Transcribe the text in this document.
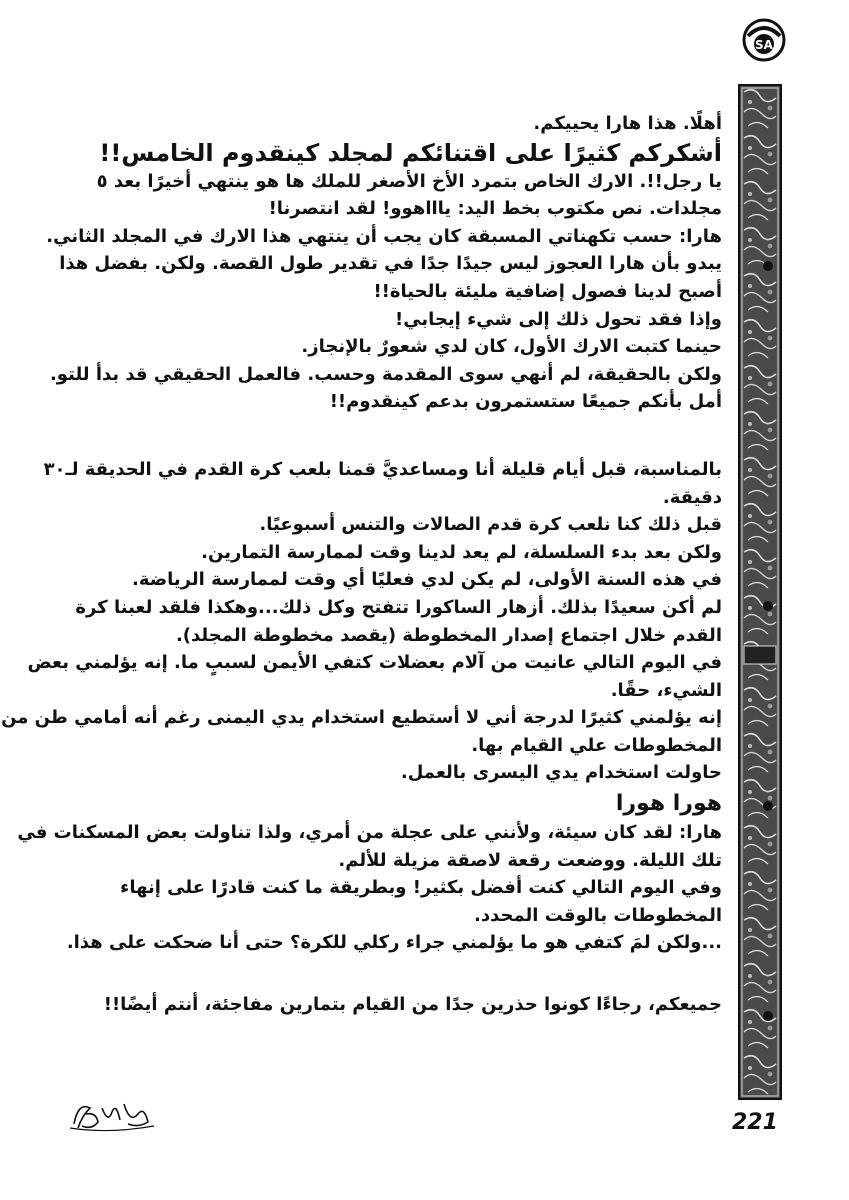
SA
أهلًا. هذا هارا يحييكم.
أشكركم كثيرًا على اقتنائكم لمجلد كينقدوم الخامس!!
يا رجل!!. الارك الخاص بتمرد الأخ الأصغر للملك ها هو ينتهي أخيرًا بعد ٥
مجلدات. نص مكتوب بخط اليد: ياااهوو! لقد انتصرنا!
هارا: حسب تكهناتي المسبقة كان يجب أن ينتهي هذا الارك في المجلد الثاني.
يبدو بأن هارا العجوز ليس جيدًا جدًا في تقدير طول القصة. ولكن. بفضل هذا
أصبح لدينا فصول إضافية مليئة بالحياة!!
وإذا فقد تحول ذلك إلى شيء إيجابي!
حينما كتبت الارك الأول، كان لدي شعورٌ بالإنجاز.
ولكن بالحقيقة، لم أنهي سوى المقدمة وحسب. فالعمل الحقيقي قد بدأ للتو.
أمل بأنكم جميعًا ستستمرون بدعم كينقدوم!!
بالمناسبة، قبل أيام قليلة أنا ومساعديَّ قمنا بلعب كرة القدم في الحديقة لـ٣٠
دقيقة.
قبل ذلك كنا نلعب كرة قدم الصالات والتنس أسبوعيًا.
ولكن بعد بدء السلسلة، لم يعد لدينا وقت لممارسة التمارين.
في هذه السنة الأولى، لم يكن لدي فعليًا أي وقت لممارسة الرياضة.
لم أكن سعيدًا بذلك. أزهار الساكورا تتفتح وكل ذلك...وهكذا فلقد لعبنا كرة
القدم خلال اجتماع إصدار المخطوطة (يقصد مخطوطة المجلد).
في اليوم التالي عانيت من آلام بعضلات كتفي الأيمن لسببٍ ما. إنه يؤلمني بعض
الشيء، حقًا.
إنه يؤلمني كثيرًا لدرجة أني لا أستطيع استخدام يدي اليمنى رغم أنه أمامي طن من
المخطوطات علي القيام بها.
حاولت استخدام يدي اليسرى بالعمل.
هورا هورا
هارا: لقد كان سيئة، ولأنني على عجلة من أمري، ولذا تناولت بعض المسكنات في
تلك الليلة. ووضعت رقعة لاصقة مزيلة للألم.
وفي اليوم التالي كنت أفضل بكثير! وبطريقة ما كنت قادرًا على إنهاء
المخطوطات بالوقت المحدد.
...ولكن لمَ كتفي هو ما يؤلمني جراء ركلي للكرة؟ حتى أنا ضحكت على هذا.
جميعكم، رجاءًا كونوا حذرين جدًا من القيام بتمارين مفاجئة، أنتم أيضًا!!
221
